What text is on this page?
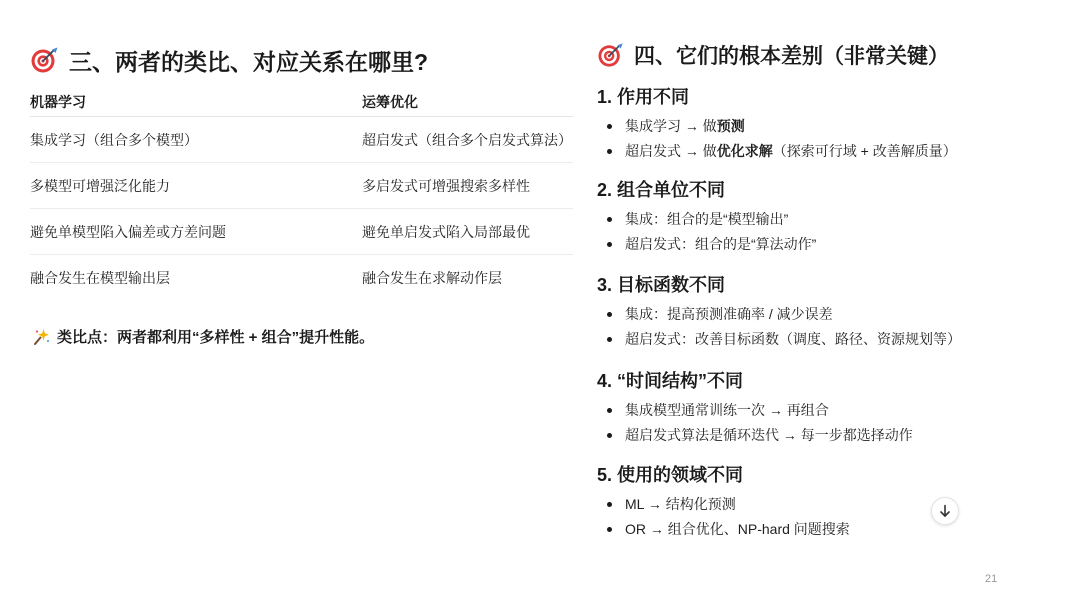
三、两者的类比、对应关系在哪里?
机器学习	运筹优化
集成学习（组合多个模型）	超启发式（组合多个启发式算法）
多模型可增强泛化能力	多启发式可增强搜索多样性
避免单模型陷入偏差或方差问题	避免单启发式陷入局部最优
融合发生在模型输出层	融合发生在求解动作层
类比点：两者都利用“多样性 + 组合”提升性能。
四、它们的根本差别（非常关键）
1. 作用不同
集成学习 → 做预测
超启发式 → 做优化求解（探索可行域 + 改善解质量）
2. 组合单位不同
集成：组合的是“模型输出”
超启发式：组合的是“算法动作”
3. 目标函数不同
集成：提高预测准确率 / 减少误差
超启发式：改善目标函数（调度、路径、资源规划等）
4. “时间结构”不同
集成模型通常训练一次 → 再组合
超启发式算法是循环迭代 → 每一步都选择动作
5. 使用的领域不同
ML → 结构化预测
OR → 组合优化、NP-hard 问题搜索
21
